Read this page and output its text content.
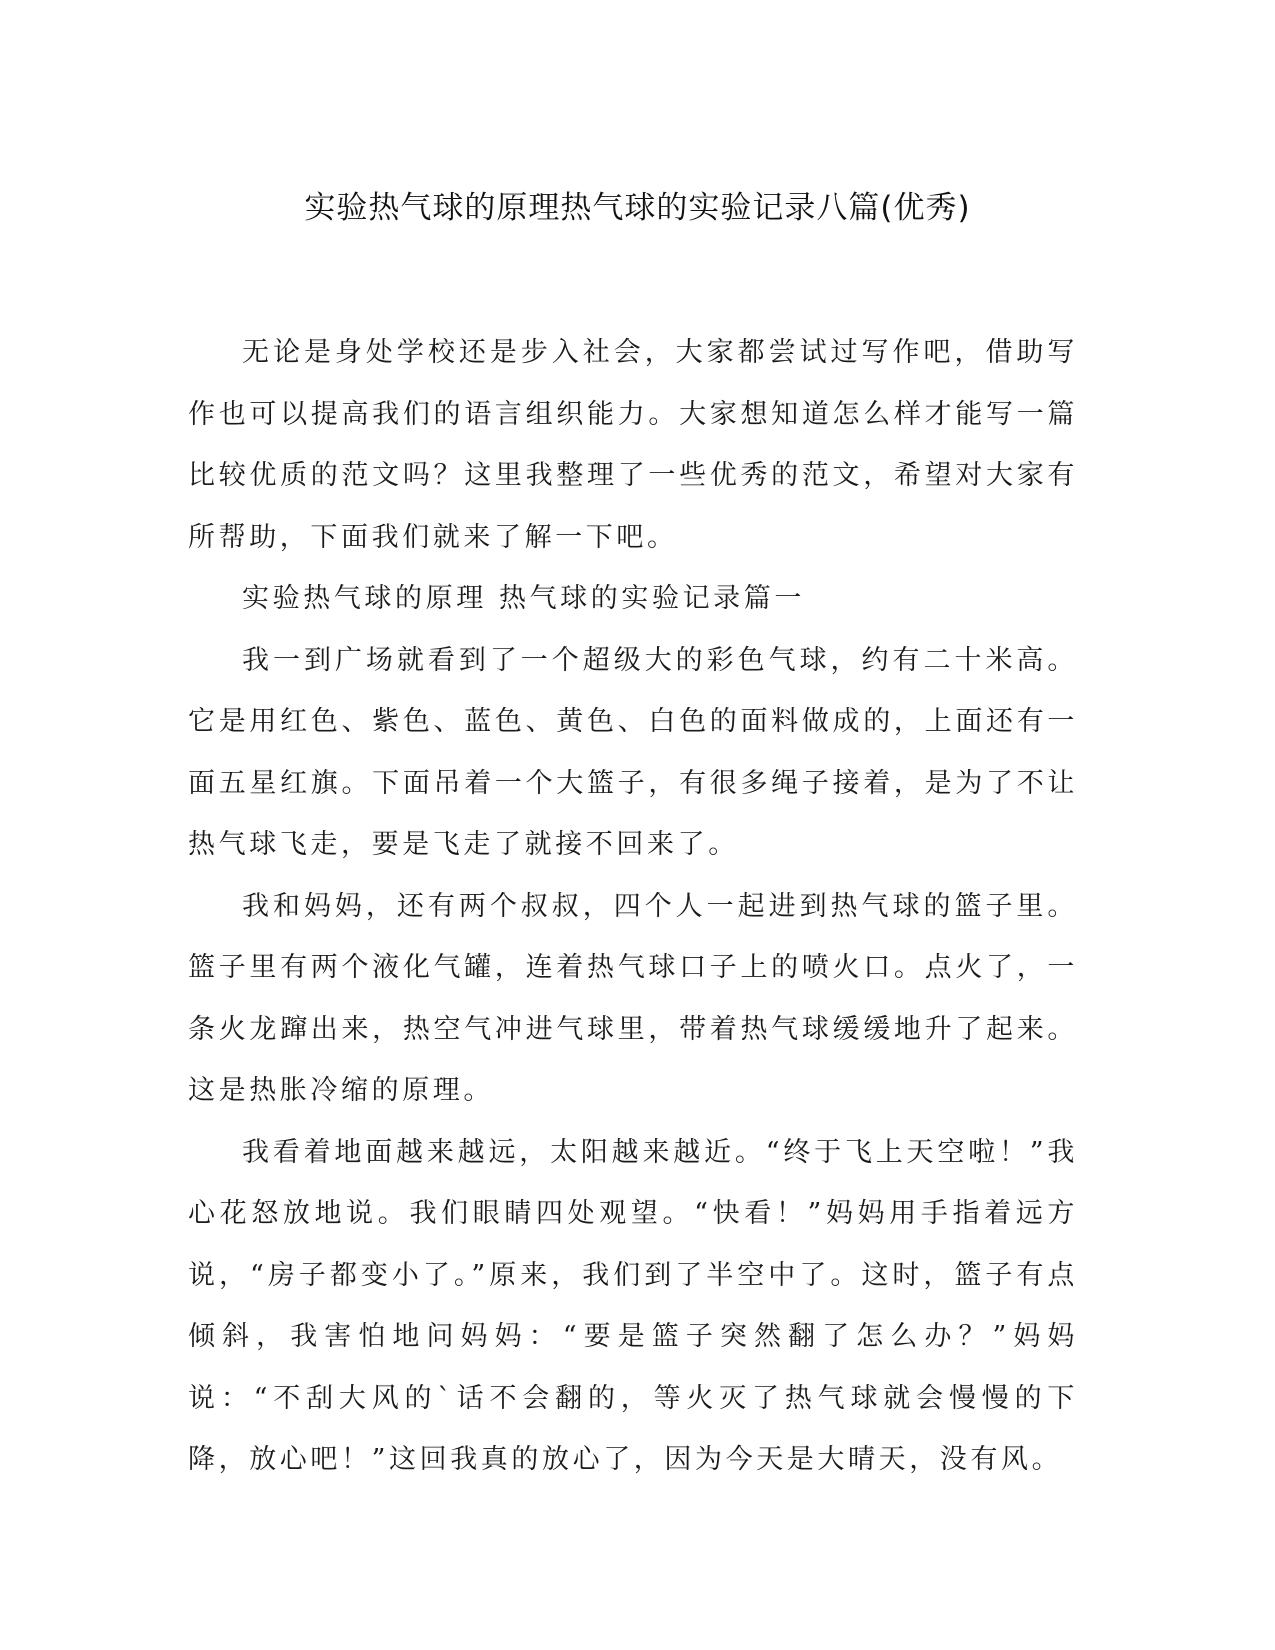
实验热气球的原理热气球的实验记录八篇(优秀)

无论是身处学校还是步入社会，大家都尝试过写作吧，借助写作也可以提高我们的语言组织能力。大家想知道怎么样才能写一篇比较优质的范文吗？这里我整理了一些优秀的范文，希望对大家有所帮助，下面我们就来了解一下吧。

实验热气球的原理 热气球的实验记录篇一

我一到广场就看到了一个超级大的彩色气球，约有二十米高。它是用红色、紫色、蓝色、黄色、白色的面料做成的，上面还有一面五星红旗。下面吊着一个大篮子，有很多绳子接着，是为了不让热气球飞走，要是飞走了就接不回来了。

我和妈妈，还有两个叔叔，四个人一起进到热气球的篮子里。篮子里有两个液化气罐，连着热气球口子上的喷火口。点火了，一条火龙蹿出来，热空气冲进气球里，带着热气球缓缓地升了起来。这是热胀冷缩的原理。

我看着地面越来越远，太阳越来越近。“终于飞上天空啦！”我心花怒放地说。我们眼睛四处观望。“快看！”妈妈用手指着远方说，“房子都变小了。”原来，我们到了半空中了。这时，篮子有点倾斜，我害怕地问妈妈：“要是篮子突然翻了怎么办？”妈妈说：“不刮大风的`话不会翻的，等火灭了热气球就会慢慢的下降，放心吧！”这回我真的放心了，因为今天是大晴天，没有风。
